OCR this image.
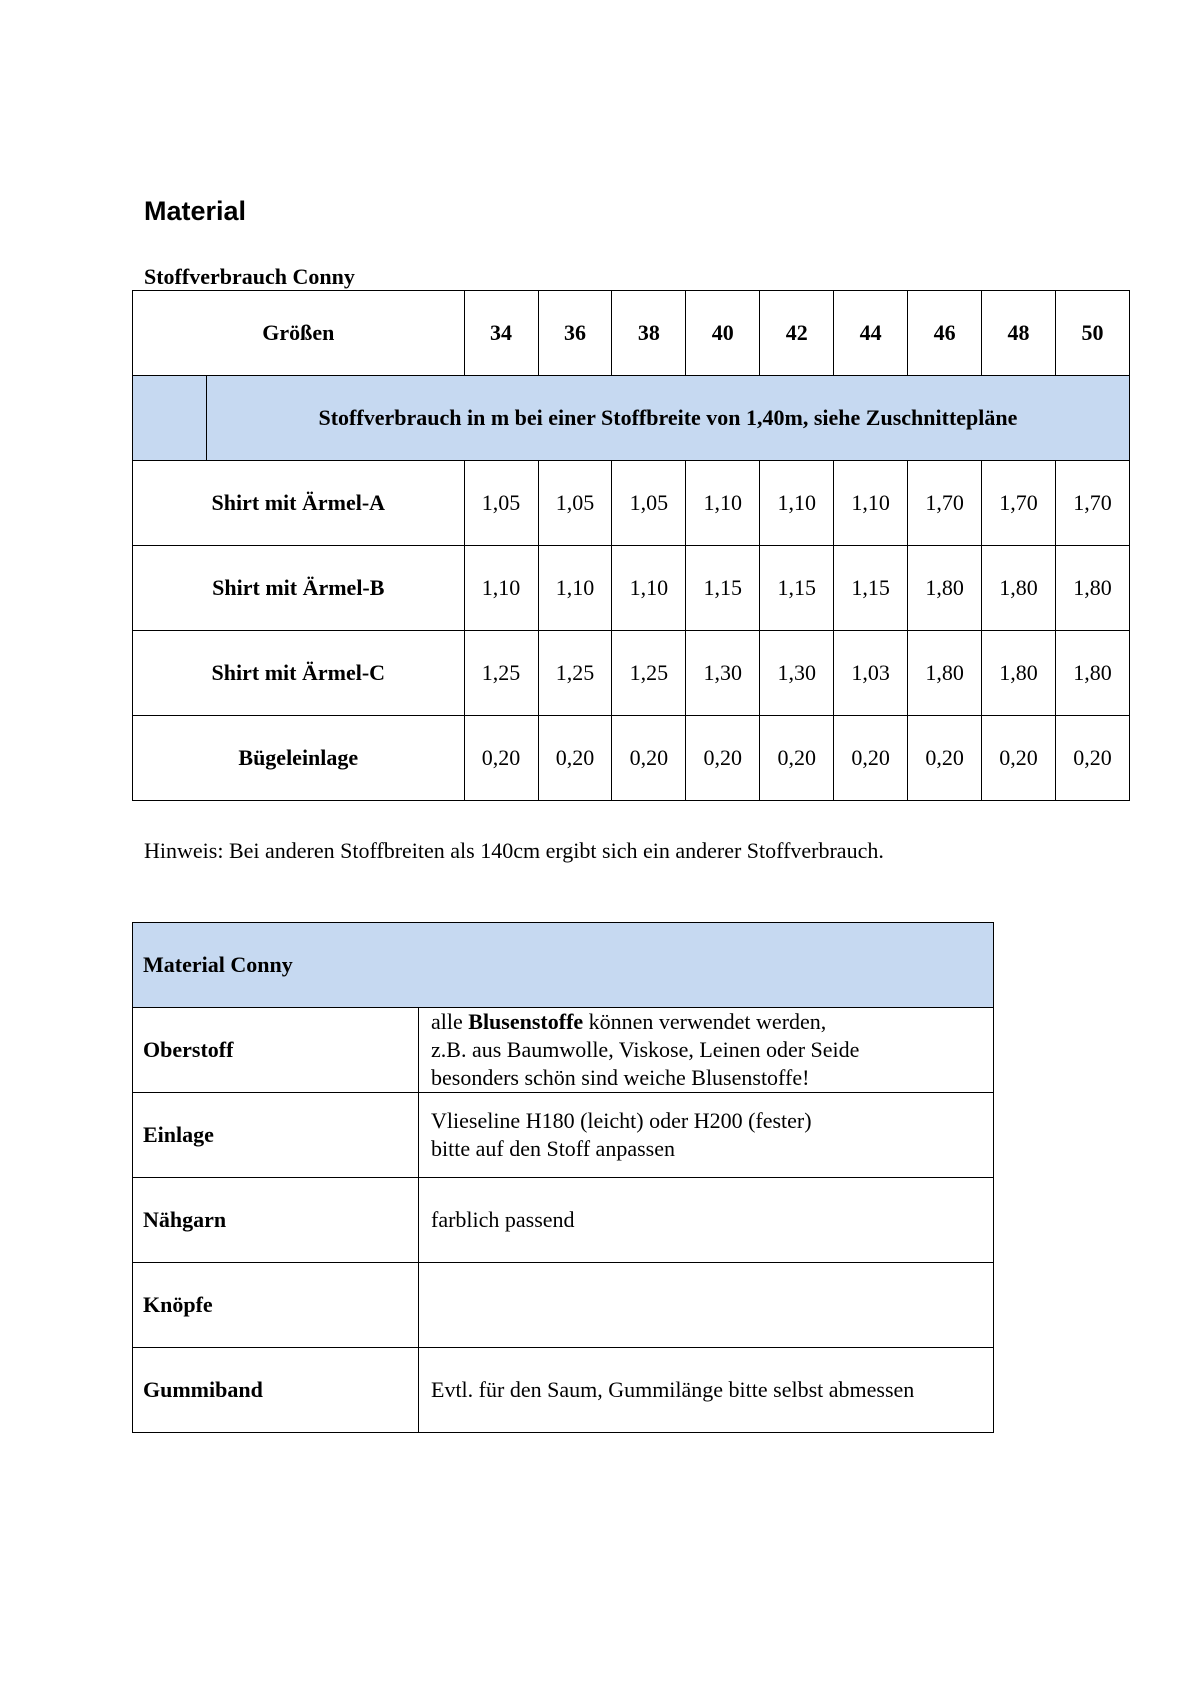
Material
Stoffverbrauch Conny
Größen		34	36	38	40	42	44	46	48	50
	Stoffverbrauch in m bei einer Stoffbreite von 1,40m, siehe Zuschnittepläne									
Shirt mit Ärmel-A		1,05	1,05	1,05	1,10	1,10	1,10	1,70	1,70	1,70
Shirt mit Ärmel-B		1,10	1,10	1,10	1,15	1,15	1,15	1,80	1,80	1,80
Shirt mit Ärmel-C		1,25	1,25	1,25	1,30	1,30	1,03	1,80	1,80	1,80
Bügeleinlage		0,20	0,20	0,20	0,20	0,20	0,20	0,20	0,20	0,20
Hinweis: Bei anderen Stoffbreiten als 140cm ergibt sich ein anderer Stoffverbrauch.
Material Conny	
Oberstoff	alle Blusenstoffe können verwendet werden,
z.B. aus Baumwolle, Viskose, Leinen oder Seide
besonders schön sind weiche Blusenstoffe!

Einlage	Vlieseline H180 (leicht) oder H200 (fester)
bitte auf den Stoff anpassen

Nähgarn	farblich passend

Knöpfe	
Gummiband	Evtl. für den Saum, Gummilänge bitte selbst abmessen
